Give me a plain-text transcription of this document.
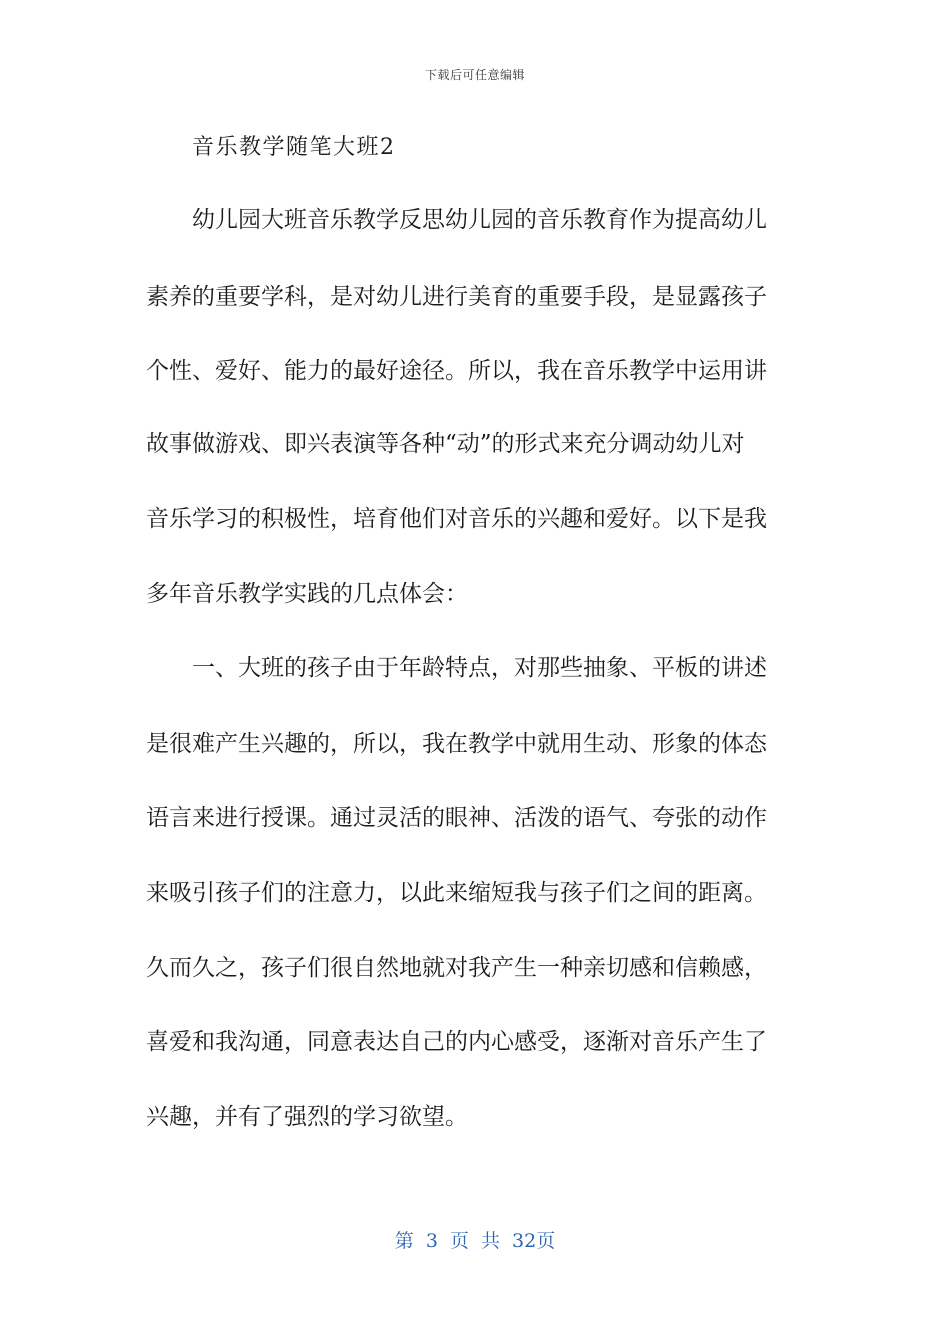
下载后可任意编辑
音乐教学随笔大班2
　　幼儿园大班音乐教学反思幼儿园的音乐教育作为提高幼儿
素养的重要学科，是对幼儿进行美育的重要手段，是显露孩子
个性、爱好、能力的最好途径。所以，我在音乐教学中运用讲
故事做游戏、即兴表演等各种“动”的形式来充分调动幼儿对
音乐学习的积极性，培育他们对音乐的兴趣和爱好。以下是我
多年音乐教学实践的几点体会：
　　一、大班的孩子由于年龄特点，对那些抽象、平板的讲述
是很难产生兴趣的，所以，我在教学中就用生动、形象的体态
语言来进行授课。通过灵活的眼神、活泼的语气、夸张的动作
来吸引孩子们的注意力，以此来缩短我与孩子们之间的距离。
久而久之，孩子们很自然地就对我产生一种亲切感和信赖感，
喜爱和我沟通，同意表达自己的内心感受，逐渐对音乐产生了
兴趣，并有了强烈的学习欲望。
第 3 页 共 32页
